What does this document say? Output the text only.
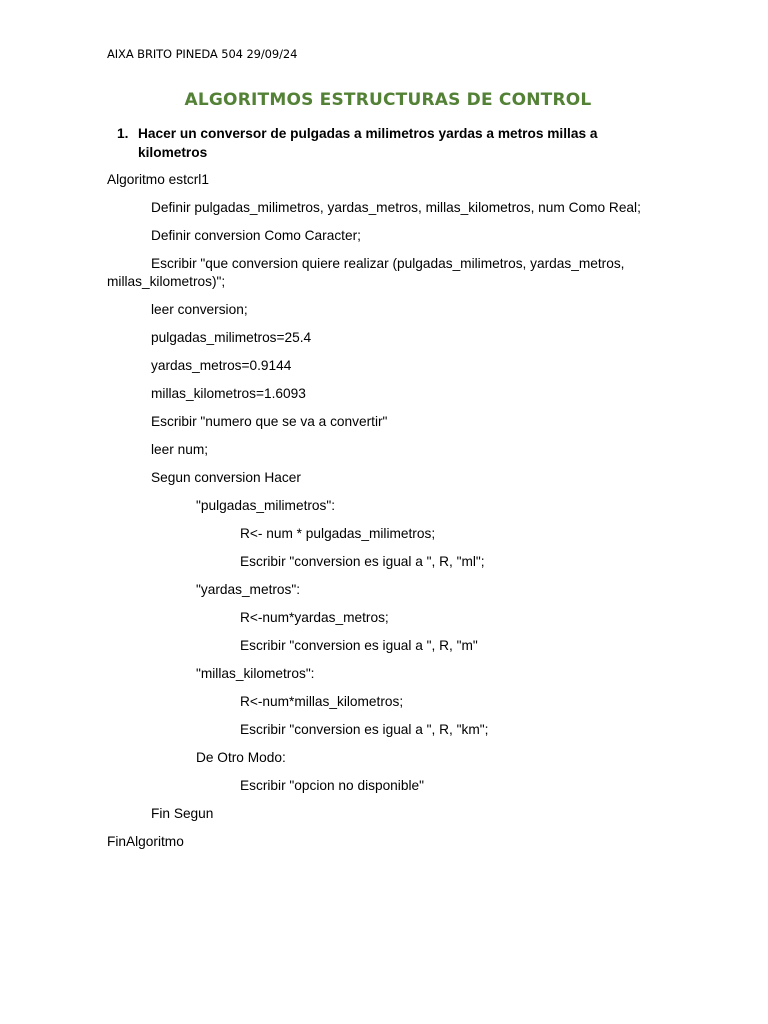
AIXA BRITO PINEDA 504 29/09/24
ALGORITMOS ESTRUCTURAS DE CONTROL
1. Hacer un conversor de pulgadas a milimetros yardas a metros millas a kilometros
Algoritmo estcrl1
Definir pulgadas_milimetros, yardas_metros, millas_kilometros, num Como Real;
Definir conversion Como Caracter;
Escribir "que conversion quiere realizar (pulgadas_milimetros, yardas_metros, millas_kilometros)";
leer conversion;
pulgadas_milimetros=25.4
yardas_metros=0.9144
millas_kilometros=1.6093
Escribir "numero que se va a convertir"
leer num;
Segun conversion Hacer
"pulgadas_milimetros":
R<- num * pulgadas_milimetros;
Escribir "conversion es igual a ", R, "ml";
"yardas_metros":
R<-num*yardas_metros;
Escribir "conversion es igual a ", R, "m"
"millas_kilometros":
R<-num*millas_kilometros;
Escribir "conversion es igual a ", R, "km";
De Otro Modo:
Escribir "opcion no disponible"
Fin Segun
FinAlgoritmo
